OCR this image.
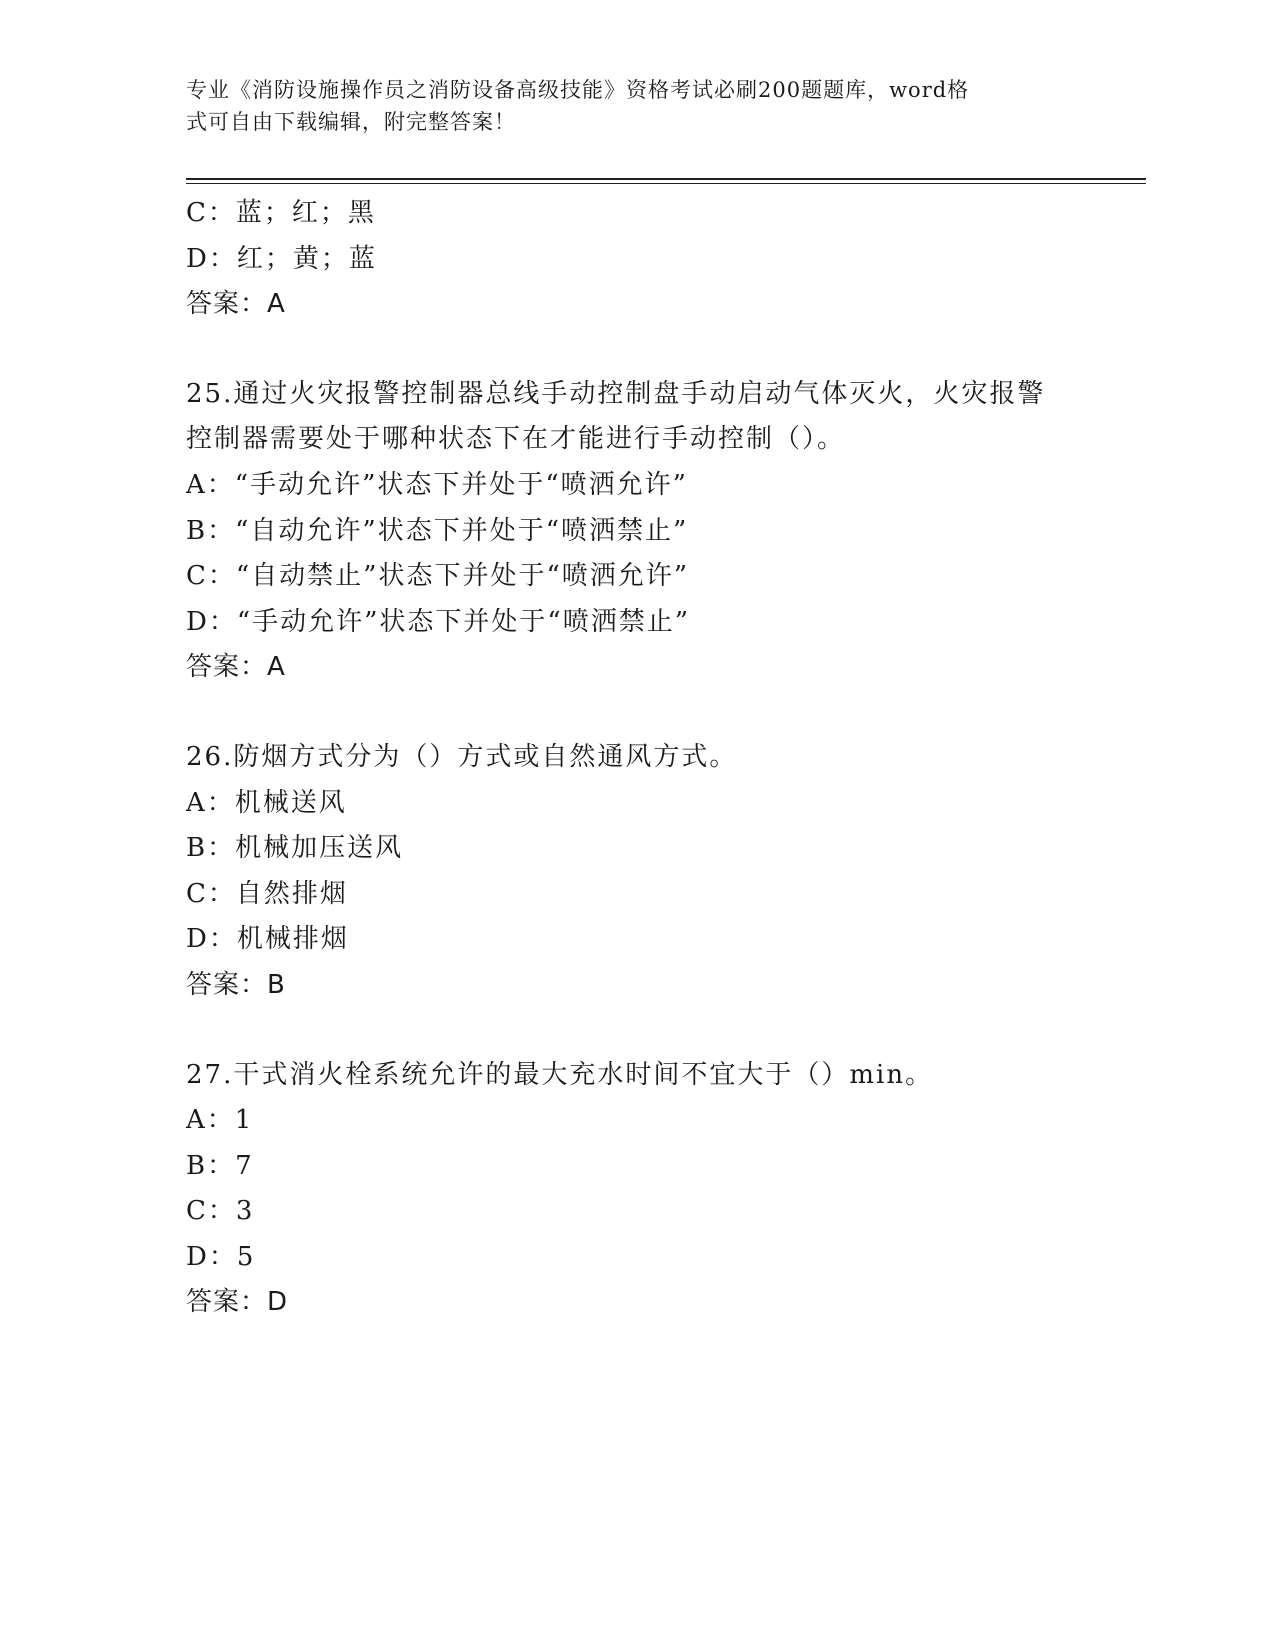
专业《消防设施操作员之消防设备高级技能》资格考试必刷200题题库，word格
式可自由下载编辑，附完整答案！
C：蓝；红；黑
D：红；黄；蓝
答案：A
25.通过火灾报警控制器总线手动控制盘手动启动气体灭火，火灾报警
控制器需要处于哪种状态下在才能进行手动控制（）。
A：“手动允许”状态下并处于“喷洒允许”
B：“自动允许”状态下并处于“喷洒禁止”
C：“自动禁止”状态下并处于“喷洒允许”
D：“手动允许”状态下并处于“喷洒禁止”
答案：A
26.防烟方式分为（）方式或自然通风方式。
A：机械送风
B：机械加压送风
C：自然排烟
D：机械排烟
答案：B
27.干式消火栓系统允许的最大充水时间不宜大于（）min。
A：1
B：7
C：3
D：5
答案：D
